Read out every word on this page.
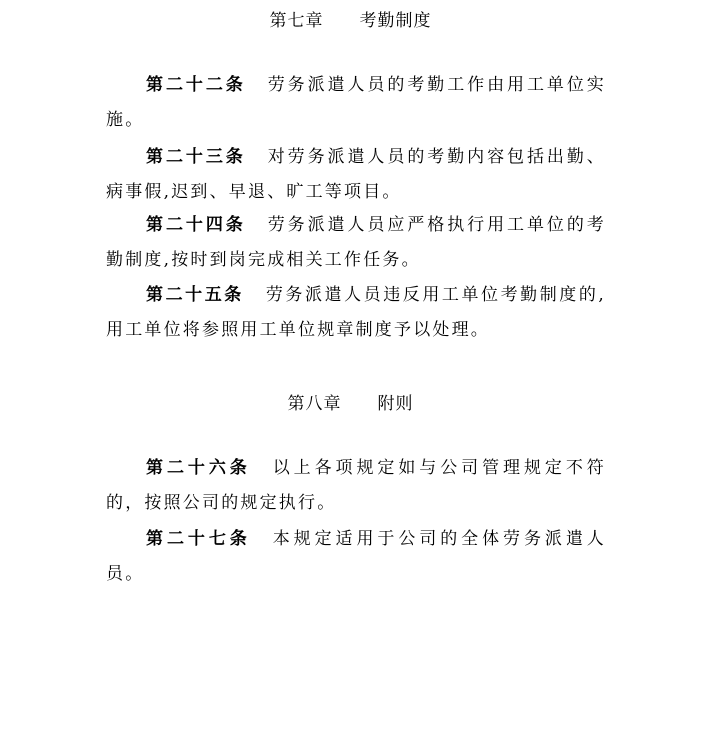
第七章　　考勤制度

第二十二条 劳务派遣人员的考勤工作由用工单位实施。

第二十三条 对劳务派遣人员的考勤内容包括出勤、病事假,迟到、早退、旷工等项目。

第二十四条 劳务派遣人员应严格执行用工单位的考勤制度,按时到岗完成相关工作任务。

第二十五条 劳务派遣人员违反用工单位考勤制度的,用工单位将参照用工单位规章制度予以处理。

第八章　　附则

第二十六条 以上各项规定如与公司管理规定不符的，按照公司的规定执行。

第二十七条 本规定适用于公司的全体劳务派遣人员。
